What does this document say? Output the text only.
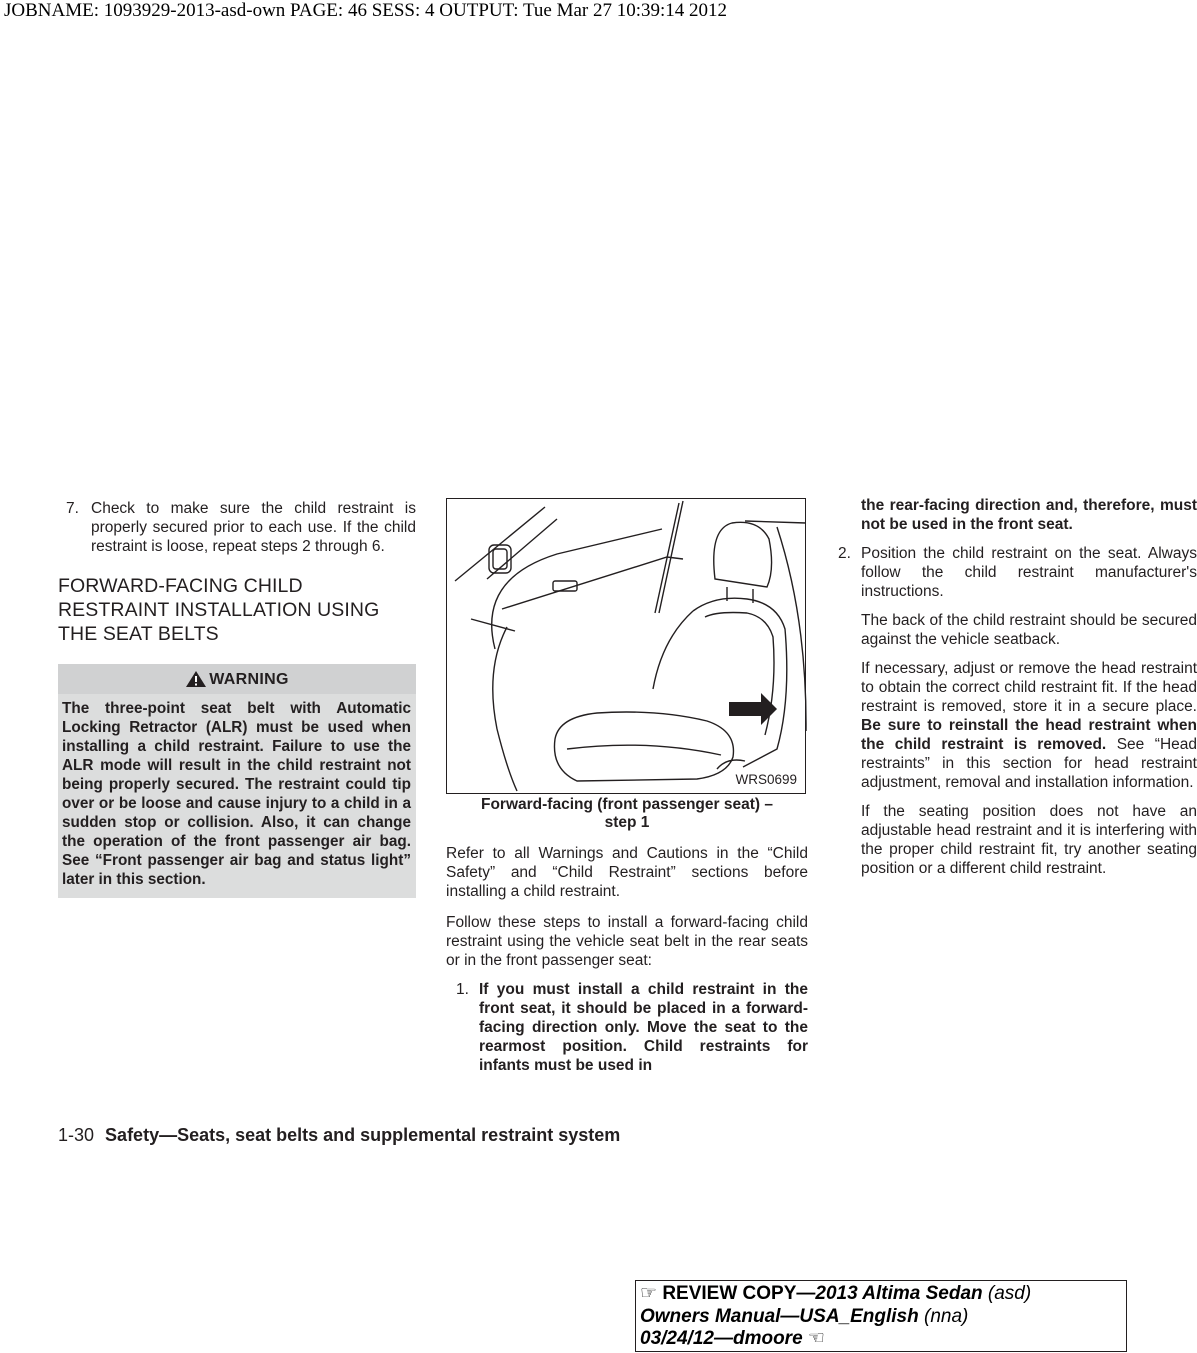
JOBNAME: 1093929-2013-asd-own PAGE: 46 SESS: 4 OUTPUT: Tue Mar 27 10:39:14 2012

7. Check to make sure the child restraint is properly secured prior to each use. If the child restraint is loose, repeat steps 2 through 6.

FORWARD-FACING CHILD
RESTRAINT INSTALLATION USING
THE SEAT BELTS
WARNING
The three-point seat belt with Automatic Locking Retractor (ALR) must be used when installing a child restraint. Failure to use the ALR mode will result in the child restraint not being properly secured. The restraint could tip over or be loose and cause injury to a child in a sudden stop or collision. Also, it can change the operation of the front passenger air bag. See “Front passenger air bag and status light” later in this section.
WRS0699
Forward-facing (front passenger seat) –
step 1

Refer to all Warnings and Cautions in the “Child Safety” and “Child Restraint” sections before installing a child restraint.

Follow these steps to install a forward-facing child restraint using the vehicle seat belt in the rear seats or in the front passenger seat:

1. If you must install a child restraint in the front seat, it should be placed in a forward-facing direction only. Move the seat to the rearmost position. Child restraints for infants must be used in

the rear-facing direction and, therefore, must not be used in the front seat.

2. Position the child restraint on the seat. Always follow the child restraint manufacturer's instructions.

The back of the child restraint should be secured against the vehicle seatback.

If necessary, adjust or remove the head restraint to obtain the correct child restraint fit. If the head restraint is removed, store it in a secure place. Be sure to reinstall the head restraint when the child restraint is removed. See “Head restraints” in this section for head restraint adjustment, removal and installation information.

If the seating position does not have an adjustable head restraint and it is interfering with the proper child restraint fit, try another seating position or a different child restraint.

1-30 Safety—Seats, seat belts and supplemental restraint system
☞ REVIEW COPY—2013 Altima Sedan (asd)
Owners Manual—USA_English (nna)
03/24/12—dmoore ☜
